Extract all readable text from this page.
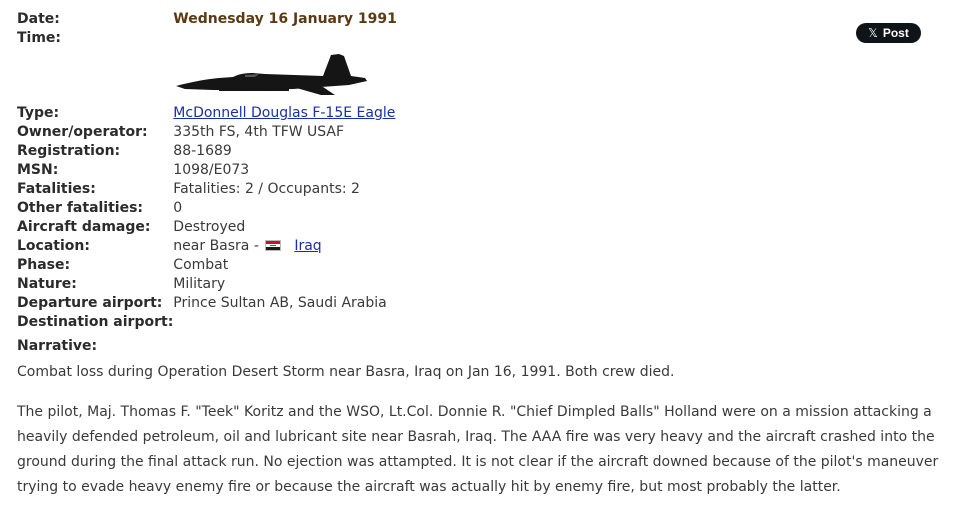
Date:	Wednesday 16 January 1991
Time:	

Type:	McDonnell Douglas F-15E Eagle
Owner/operator:	335th FS, 4th TFW USAF
Registration:	88-1689
MSN:	1098/E073
Fatalities:	Fatalities: 2 / Occupants: 2
Other fatalities:	0
Aircraft damage:	Destroyed
Location:	near Basra - Iraq
Phase:	Combat
Nature:	Military
Departure airport:	Prince Sultan AB, Saudi Arabia
Destination airport:	
𝕏 Post
Narrative:

Combat loss during Operation Desert Storm near Basra, Iraq on Jan 16, 1991. Both crew died.

The pilot, Maj. Thomas F. "Teek" Koritz and the WSO, Lt.Col. Donnie R. "Chief Dimpled Balls" Holland were on a mission attacking a heavily defended petroleum, oil and lubricant site near Basrah, Iraq. The AAA fire was very heavy and the aircraft crashed into the ground during the final attack run. No ejection was attampted. It is not clear if the aircraft downed because of the pilot's maneuver trying to evade heavy enemy fire or because the aircraft was actually hit by enemy fire, but most probably the latter.
